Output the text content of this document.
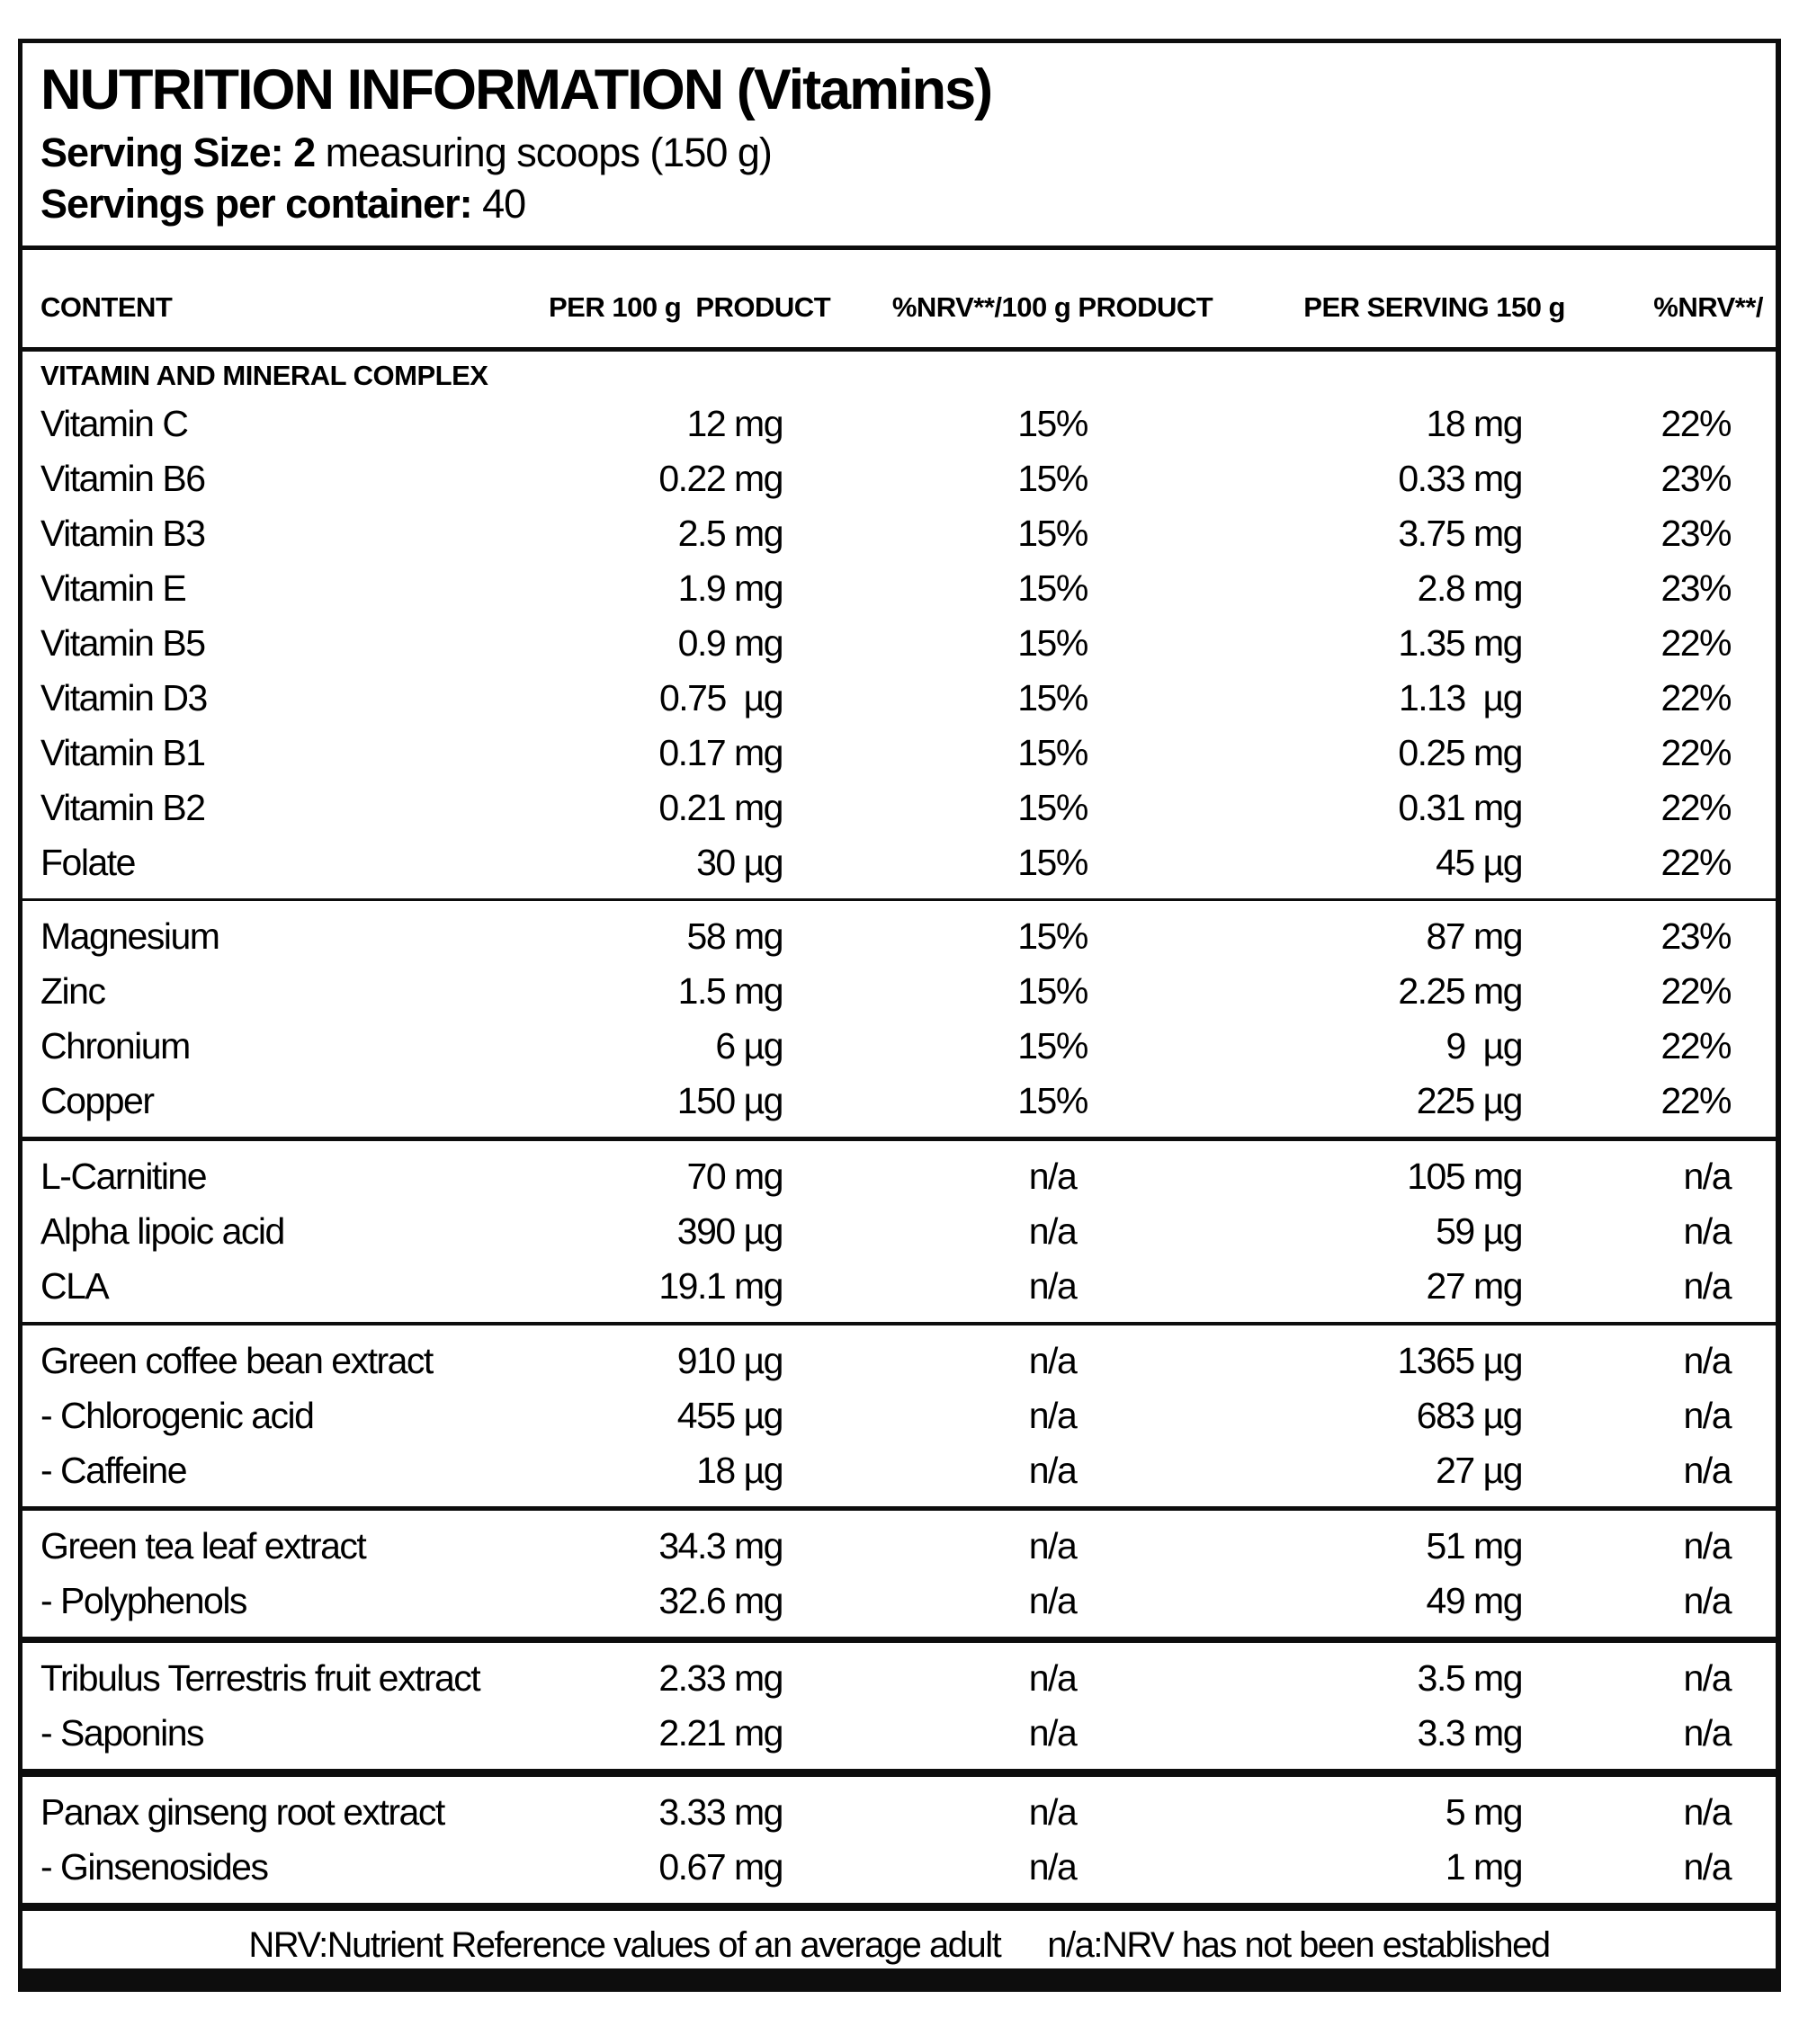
NUTRITION INFORMATION (Vitamins)
Serving Size: 2 measuring scoops (150 g)
Servings per container: 40
CONTENT	PER 100 g  PRODUCT	%NRV**/100 g PRODUCT	PER SERVING 150 g	%NRV**/
VITAMIN AND MINERAL COMPLEX
Vitamin C	12 mg	15%	18 mg	22%
Vitamin B6	0.22 mg	15%	0.33 mg	23%
Vitamin B3	2.5 mg	15%	3.75 mg	23%
Vitamin E	1.9 mg	15%	2.8 mg	23%
Vitamin B5	0.9 mg	15%	1.35 mg	22%
Vitamin D3	0.75  µg	15%	1.13  µg	22%
Vitamin B1	0.17 mg	15%	0.25 mg	22%
Vitamin B2	0.21 mg	15%	0.31 mg	22%
Folate	30 µg	15%	45 µg	22%
Magnesium	58 mg	15%	87 mg	23%
Zinc	1.5 mg	15%	2.25 mg	22%
Chronium	6 µg	15%	9  µg	22%
Copper	150 µg	15%	225 µg	22%
L-Carnitine	70 mg	n/a	105 mg	n/a
Alpha lipoic acid	390 µg	n/a	59 µg	n/a
CLA	19.1 mg	n/a	27 mg	n/a
Green coffee bean extract	910 µg	n/a	1365 µg	n/a
- Chlorogenic acid	455 µg	n/a	683 µg	n/a
- Caffeine	18 µg	n/a	27 µg	n/a
Green tea leaf extract	34.3 mg	n/a	51 mg	n/a
- Polyphenols	32.6 mg	n/a	49 mg	n/a
Tribulus Terrestris fruit extract	2.33 mg	n/a	3.5 mg	n/a
- Saponins	2.21 mg	n/a	3.3 mg	n/a
Panax ginseng root extract	3.33 mg	n/a	5 mg	n/a
- Ginsenosides	0.67 mg	n/a	1 mg	n/a
NRV:Nutrient Reference values of an average adult n/a:NRV has not been established
